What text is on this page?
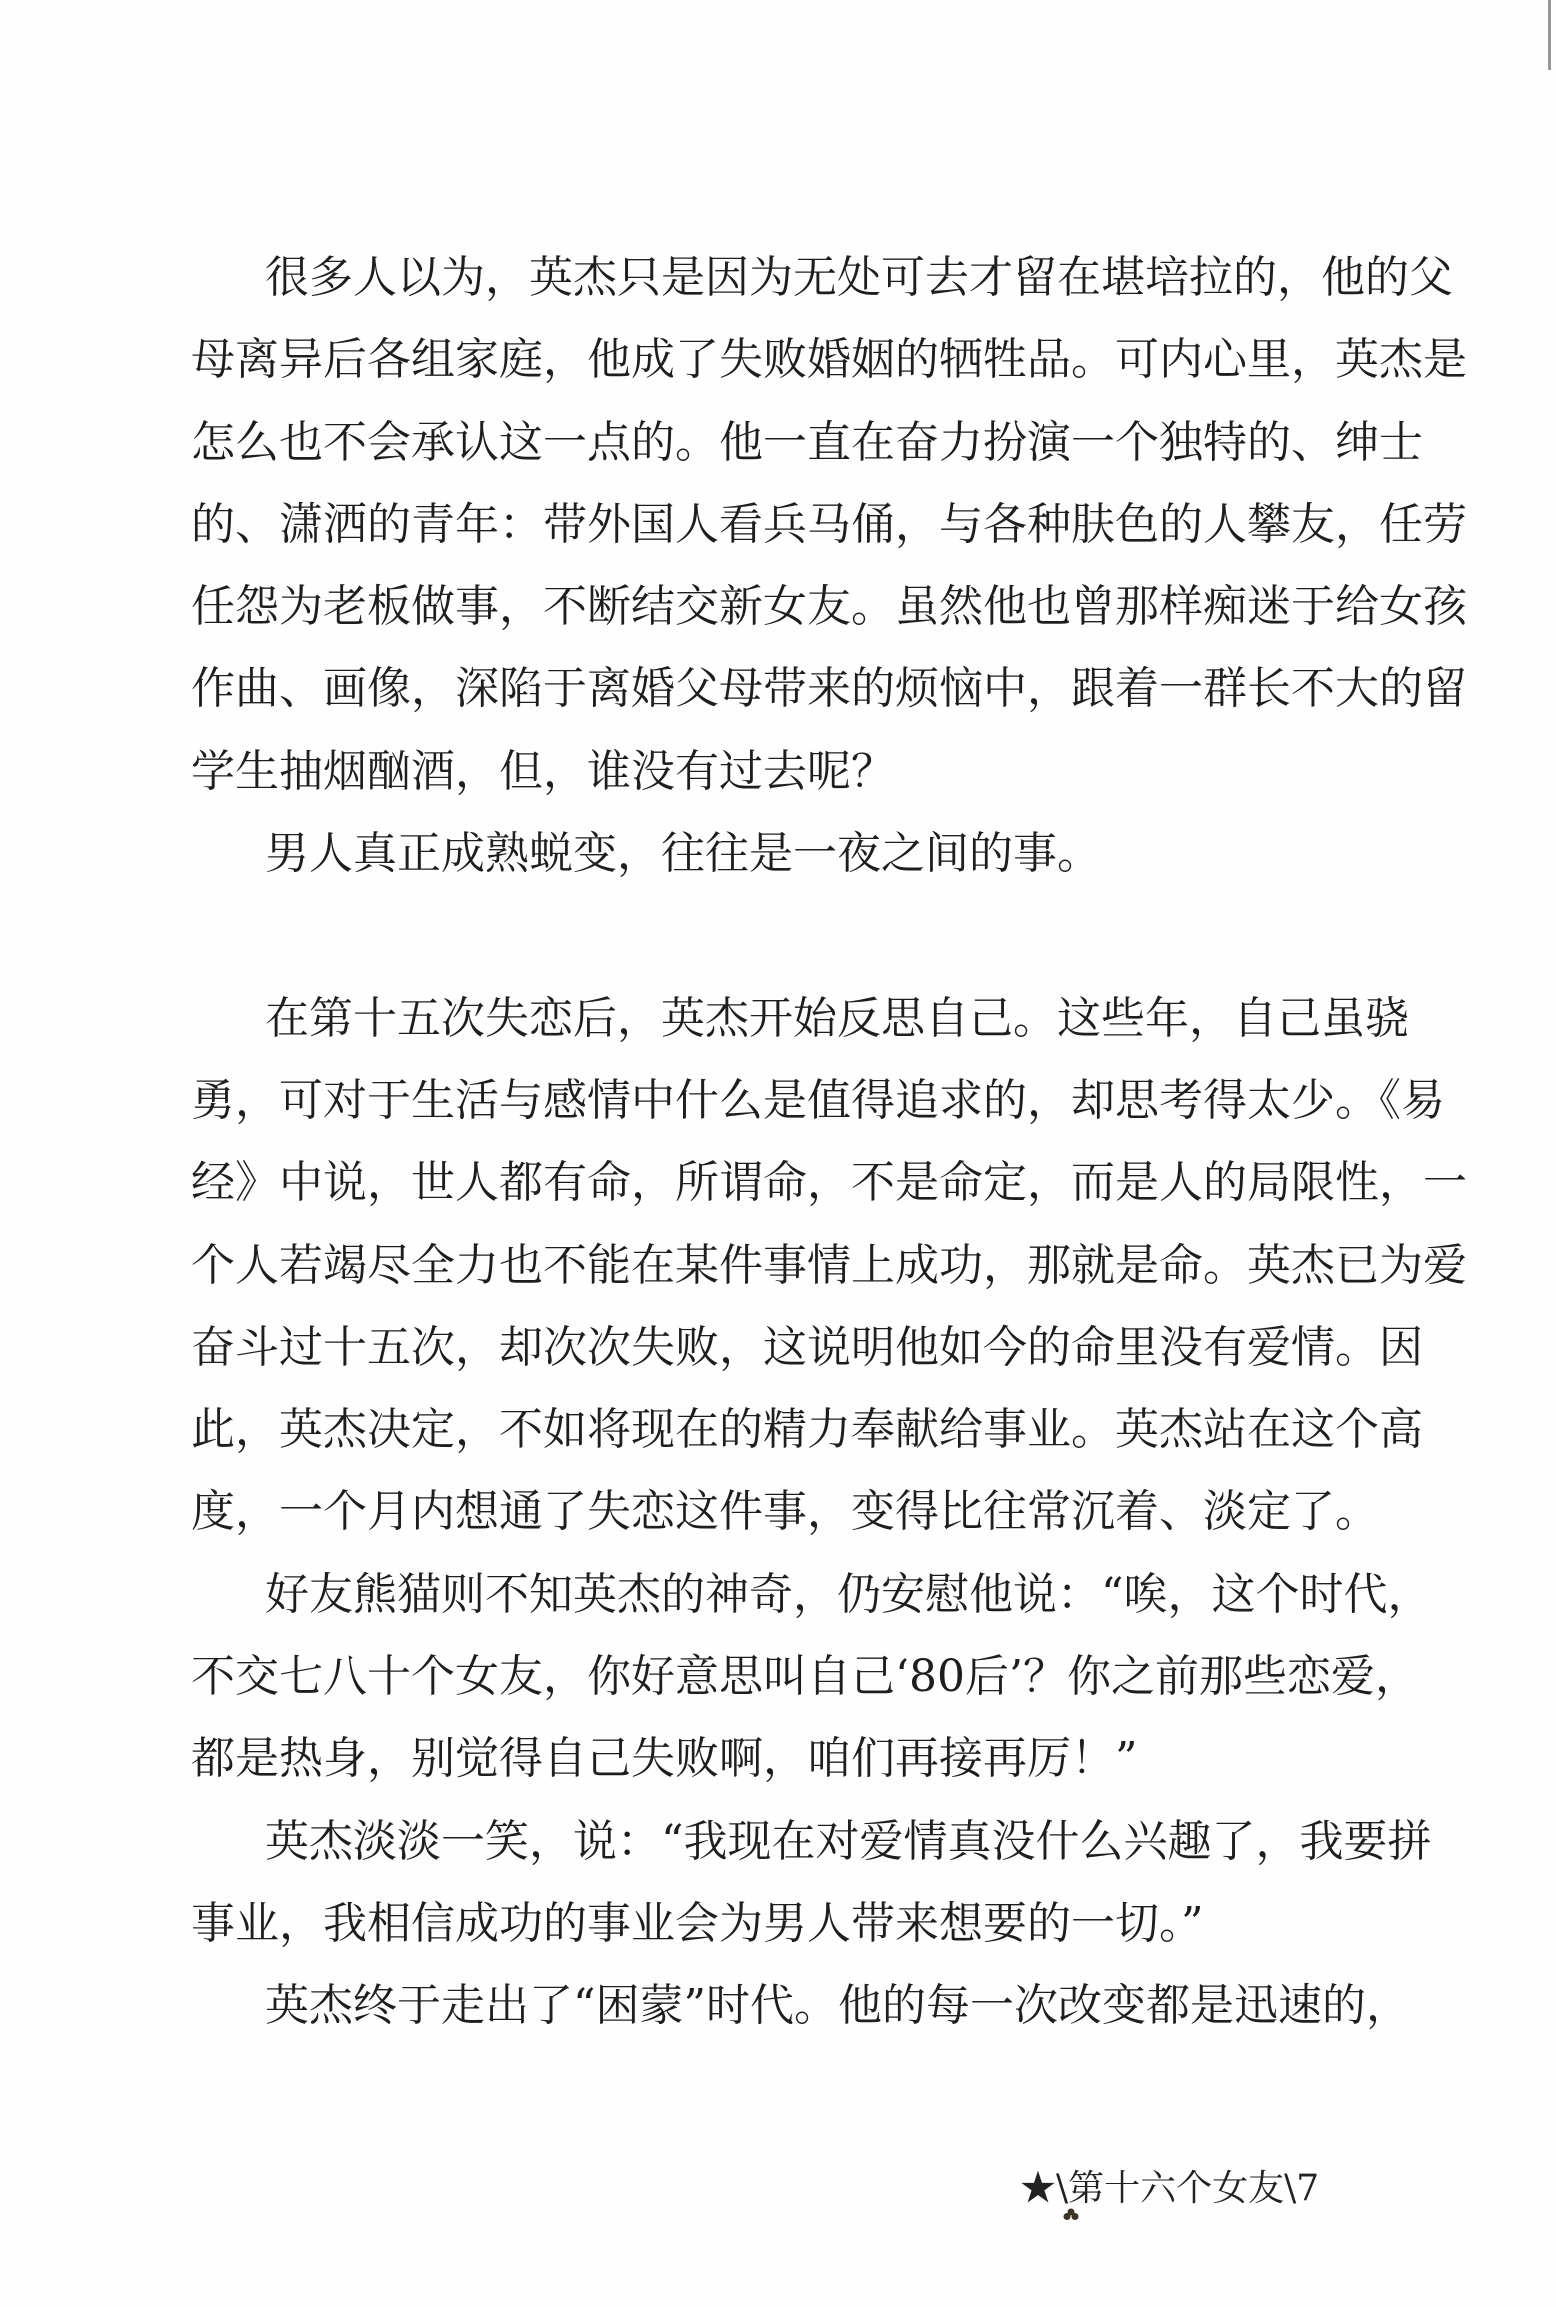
很多人以为，英杰只是因为无处可去才留在堪培拉的，他的父
母离异后各组家庭，他成了失败婚姻的牺牲品。可内心里，英杰是
怎么也不会承认这一点的。他一直在奋力扮演一个独特的、绅士
的、潇洒的青年：带外国人看兵马俑，与各种肤色的人攀友，任劳
任怨为老板做事，不断结交新女友。虽然他也曾那样痴迷于给女孩
作曲、画像，深陷于离婚父母带来的烦恼中，跟着一群长不大的留
学生抽烟酗酒，但，谁没有过去呢？
男人真正成熟蜕变，往往是一夜之间的事。
在第十五次失恋后，英杰开始反思自己。这些年，自己虽骁
勇，可对于生活与感情中什么是值得追求的，却思考得太少。《易
经》中说，世人都有命，所谓命，不是命定，而是人的局限性，一
个人若竭尽全力也不能在某件事情上成功，那就是命。英杰已为爱
奋斗过十五次，却次次失败，这说明他如今的命里没有爱情。因
此，英杰决定，不如将现在的精力奉献给事业。英杰站在这个高
度，一个月内想通了失恋这件事，变得比往常沉着、淡定了。
好友熊猫则不知英杰的神奇，仍安慰他说：“唉，这个时代，
不交七八十个女友，你好意思叫自己‘80后’？你之前那些恋爱，
都是热身，别觉得自己失败啊，咱们再接再厉！”
英杰淡淡一笑，说：“我现在对爱情真没什么兴趣了，我要拼
事业，我相信成功的事业会为男人带来想要的一切。”
英杰终于走出了“困蒙”时代。他的每一次改变都是迅速的，
★\第十六个女友\7
